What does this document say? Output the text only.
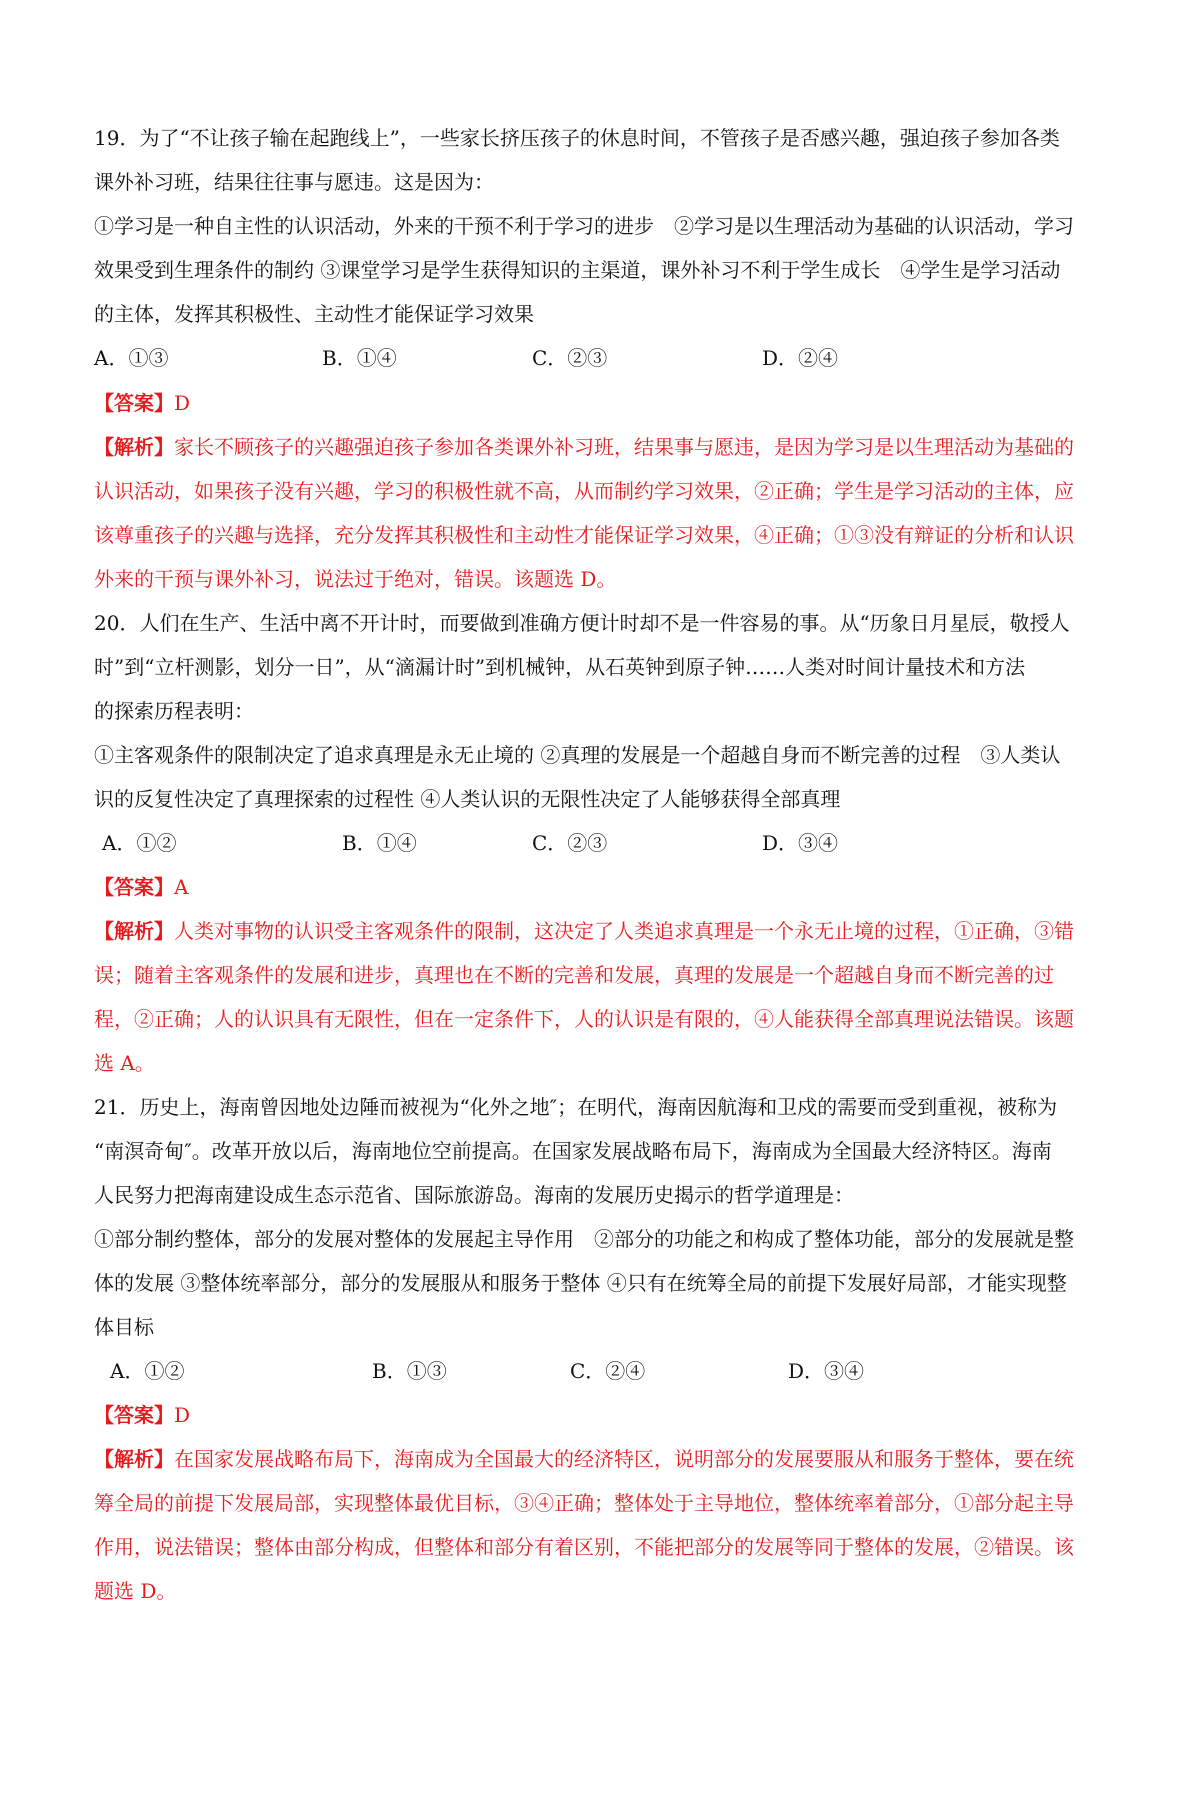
19．为了“不让孩子输在起跑线上”，一些家长挤压孩子的休息时间，不管孩子是否感兴趣，强迫孩子参加各类
课外补习班，结果往往事与愿违。这是因为：
①学习是一种自主性的认识活动，外来的干预不利于学习的进步　②学习是以生理活动为基础的认识活动，学习
效果受到生理条件的制约 ③课堂学习是学生获得知识的主渠道，课外补习不利于学生成长　④学生是学习活动
的主体，发挥其积极性、主动性才能保证学习效果
A．①③	B．①④	C．②③	D．②④
【答案】D
【解析】家长不顾孩子的兴趣强迫孩子参加各类课外补习班，结果事与愿违，是因为学习是以生理活动为基础的
认识活动，如果孩子没有兴趣，学习的积极性就不高，从而制约学习效果，②正确；学生是学习活动的主体，应
该尊重孩子的兴趣与选择，充分发挥其积极性和主动性才能保证学习效果，④正确；①③没有辩证的分析和认识
外来的干预与课外补习，说法过于绝对，错误。该题选 D。
20．人们在生产、生活中离不开计时，而要做到准确方便计时却不是一件容易的事。从“历象日月星辰，敬授人
时”到“立杆测影，划分一日”，从“滴漏计时”到机械钟，从石英钟到原子钟……人类对时间计量技术和方法
的探索历程表明：
①主客观条件的限制决定了追求真理是永无止境的 ②真理的发展是一个超越自身而不断完善的过程　③人类认
识的反复性决定了真理探索的过程性 ④人类认识的无限性决定了人能够获得全部真理
A．①②	B．①④	C．②③	D．③④
【答案】A
【解析】人类对事物的认识受主客观条件的限制，这决定了人类追求真理是一个永无止境的过程，①正确，③错
误；随着主客观条件的发展和进步，真理也在不断的完善和发展，真理的发展是一个超越自身而不断完善的过
程，②正确；人的认识具有无限性，但在一定条件下，人的认识是有限的，④人能获得全部真理说法错误。该题
选 A。
21．历史上，海南曾因地处边陲而被视为“化外之地″；在明代，海南因航海和卫戍的需要而受到重视，被称为
“南溟奇甸″。改革开放以后，海南地位空前提高。在国家发展战略布局下，海南成为全国最大经济特区。海南
人民努力把海南建设成生态示范省、国际旅游岛。海南的发展历史揭示的哲学道理是：
①部分制约整体，部分的发展对整体的发展起主导作用　②部分的功能之和构成了整体功能，部分的发展就是整
体的发展 ③整体统率部分，部分的发展服从和服务于整体 ④只有在统筹全局的前提下发展好局部，才能实现整
体目标
A．①②	B．①③	C．②④	D．③④
【答案】D
【解析】在国家发展战略布局下，海南成为全国最大的经济特区，说明部分的发展要服从和服务于整体，要在统
筹全局的前提下发展局部，实现整体最优目标，③④正确；整体处于主导地位，整体统率着部分，①部分起主导
作用，说法错误；整体由部分构成，但整体和部分有着区别，不能把部分的发展等同于整体的发展，②错误。该
题选 D。
